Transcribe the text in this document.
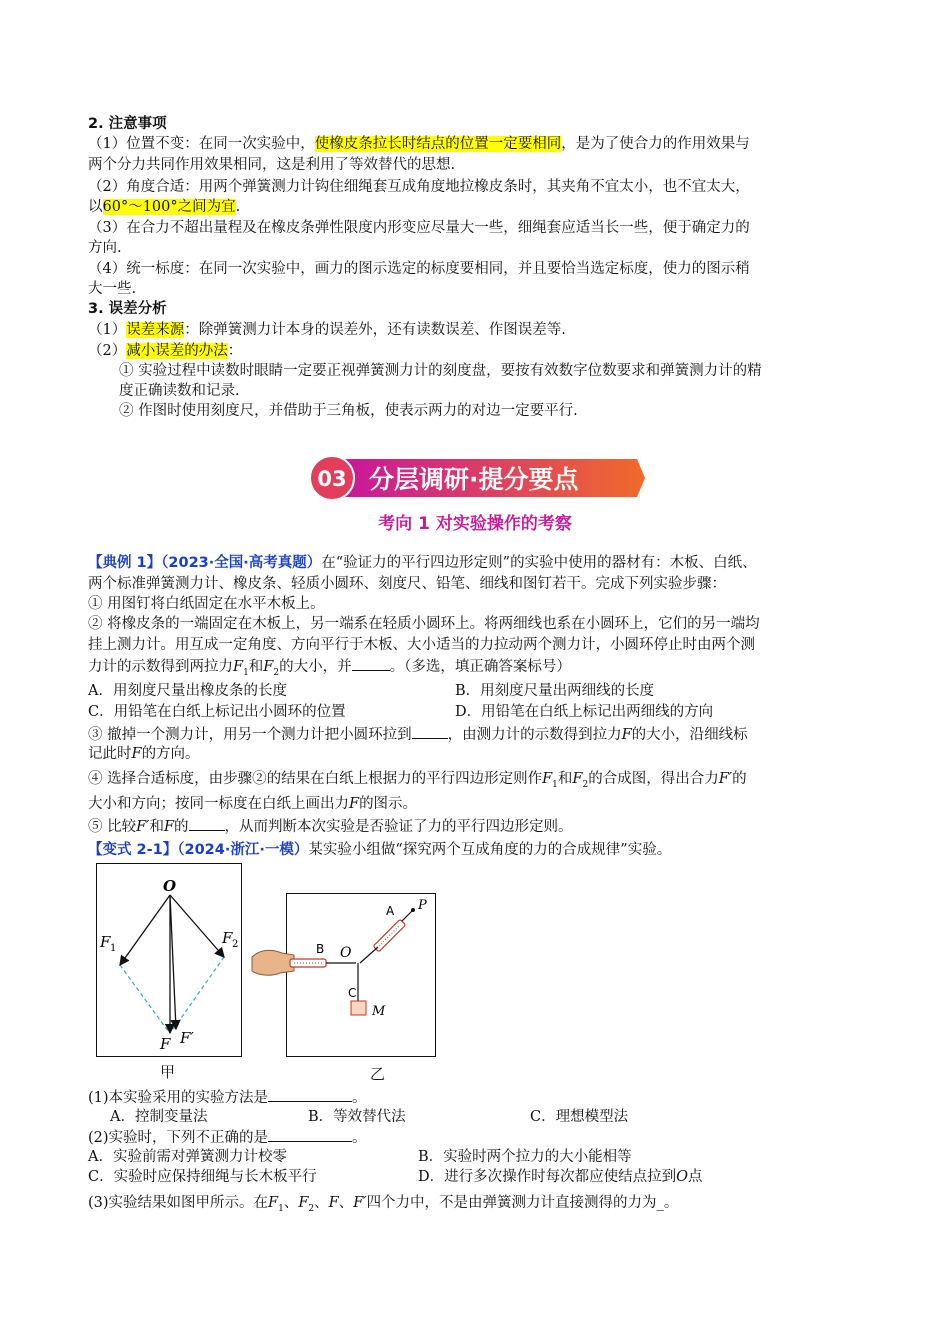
2. 注意事项
（1）位置不变：在同一次实验中，使橡皮条拉长时结点的位置一定要相同，是为了使合力的作用效果与
两个分力共同作用效果相同，这是利用了等效替代的思想.
（2）角度合适：用两个弹簧测力计钩住细绳套互成角度地拉橡皮条时，其夹角不宜太小，也不宜太大，
以60°～100°之间为宜.
（3）在合力不超出量程及在橡皮条弹性限度内形变应尽量大一些，细绳套应适当长一些，便于确定力的
方向.
（4）统一标度：在同一次实验中，画力的图示选定的标度要相同，并且要恰当选定标度，使力的图示稍
大一些.
3. 误差分析
（1）误差来源：除弹簧测力计本身的误差外，还有读数误差、作图误差等.
（2）减小误差的办法：
① 实验过程中读数时眼睛一定要正视弹簧测力计的刻度盘，要按有效数字位数要求和弹簧测力计的精
度正确读数和记录.
② 作图时使用刻度尺，并借助于三角板，使表示两力的对边一定要平行.
03 分层调研·提分要点
考向 1 对实验操作的考察
【典例 1】（2023·全国·高考真题）在“验证力的平行四边形定则”的实验中使用的器材有：木板、白纸、
两个标准弹簧测力计、橡皮条、轻质小圆环、刻度尺、铅笔、细线和图钉若干。完成下列实验步骤：
① 用图钉将白纸固定在水平木板上。
② 将橡皮条的一端固定在木板上，另一端系在轻质小圆环上。将两细线也系在小圆环上，它们的另一端均
挂上测力计。用互成一定角度、方向平行于木板、大小适当的力拉动两个测力计，小圆环停止时由两个测
力计的示数得到两拉力$F_1$和$F_2$的大小，并	。（多选，填正确答案标号）
A．用刻度尺量出橡皮条的长度	B．用刻度尺量出两细线的长度
C．用铅笔在白纸上标记出小圆环的位置	D．用铅笔在白纸上标记出两细线的方向
③ 撤掉一个测力计，用另一个测力计把小圆环拉到 ，由测力计的示数得到拉力F的大小，沿细线标
记此时F的方向。
④ 选择合适标度，由步骤②的结果在白纸上根据力的平行四边形定则作$F_1$和$F_2$的合成图，得出合力F′的
大小和方向；按同一标度在白纸上画出力F的图示。
⑤ 比较F′和F的 ，从而判断本次实验是否验证了力的平行四边形定则。
【变式 2-1】（2024·浙江·一模）某实验小组做“探究两个互成角度的力的合成规律”实验。
O
F 1
F 2
F F′
甲
O
B
A P
C
M
乙
(1)本实验采用的实验方法是	。
A．控制变量法	B．等效替代法	C．理想模型法
(2)实验时，下列不正确的是	。
A．实验前需对弹簧测力计校零	B．实验时两个拉力的大小能相等
C．实验时应保持细绳与长木板平行	D．进行多次操作时每次都应使结点拉到O点
(3)实验结果如图甲所示。在$F_1$、$F_2$、F、F′四个力中，不是由弹簧测力计直接测得的力为_。
